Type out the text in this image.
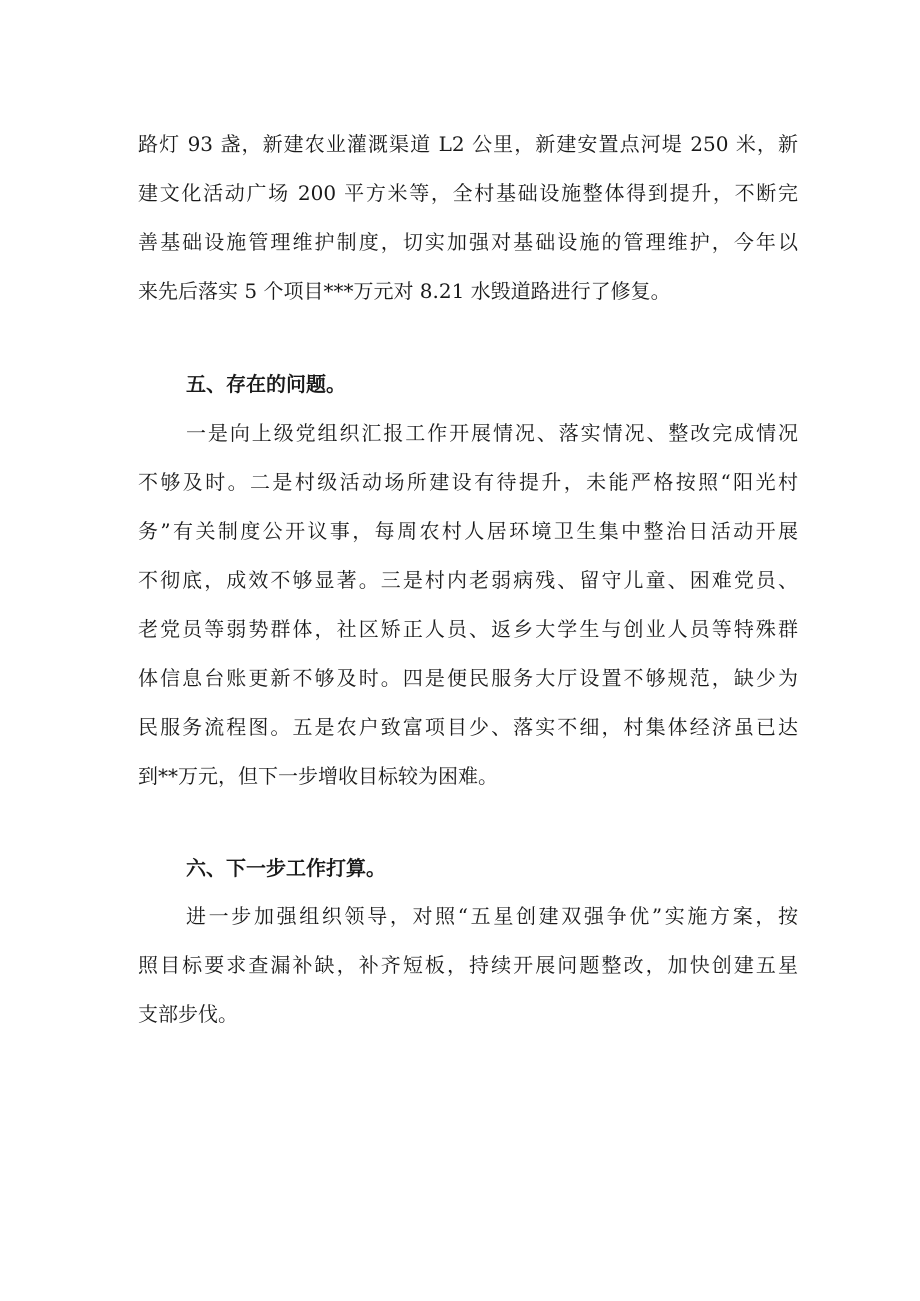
路灯 93 盏，新建农业灌溉渠道 L2 公里，新建安置点河堤 250 米，新
建文化活动广场 200 平方米等，全村基础设施整体得到提升，不断完
善基础设施管理维护制度，切实加强对基础设施的管理维护，今年以
来先后落实 5 个项目***万元对 8.21 水毁道路进行了修复。
五、存在的问题。
一是向上级党组织汇报工作开展情况、落实情况、整改完成情况
不够及时。二是村级活动场所建设有待提升，未能严格按照“阳光村
务”有关制度公开议事，每周农村人居环境卫生集中整治日活动开展
不彻底，成效不够显著。三是村内老弱病残、留守儿童、困难党员、
老党员等弱势群体，社区矫正人员、返乡大学生与创业人员等特殊群
体信息台账更新不够及时。四是便民服务大厅设置不够规范，缺少为
民服务流程图。五是农户致富项目少、落实不细，村集体经济虽已达
到**万元，但下一步增收目标较为困难。
六、下一步工作打算。
进一步加强组织领导，对照“五星创建双强争优”实施方案，按
照目标要求查漏补缺，补齐短板，持续开展问题整改，加快创建五星
支部步伐。
